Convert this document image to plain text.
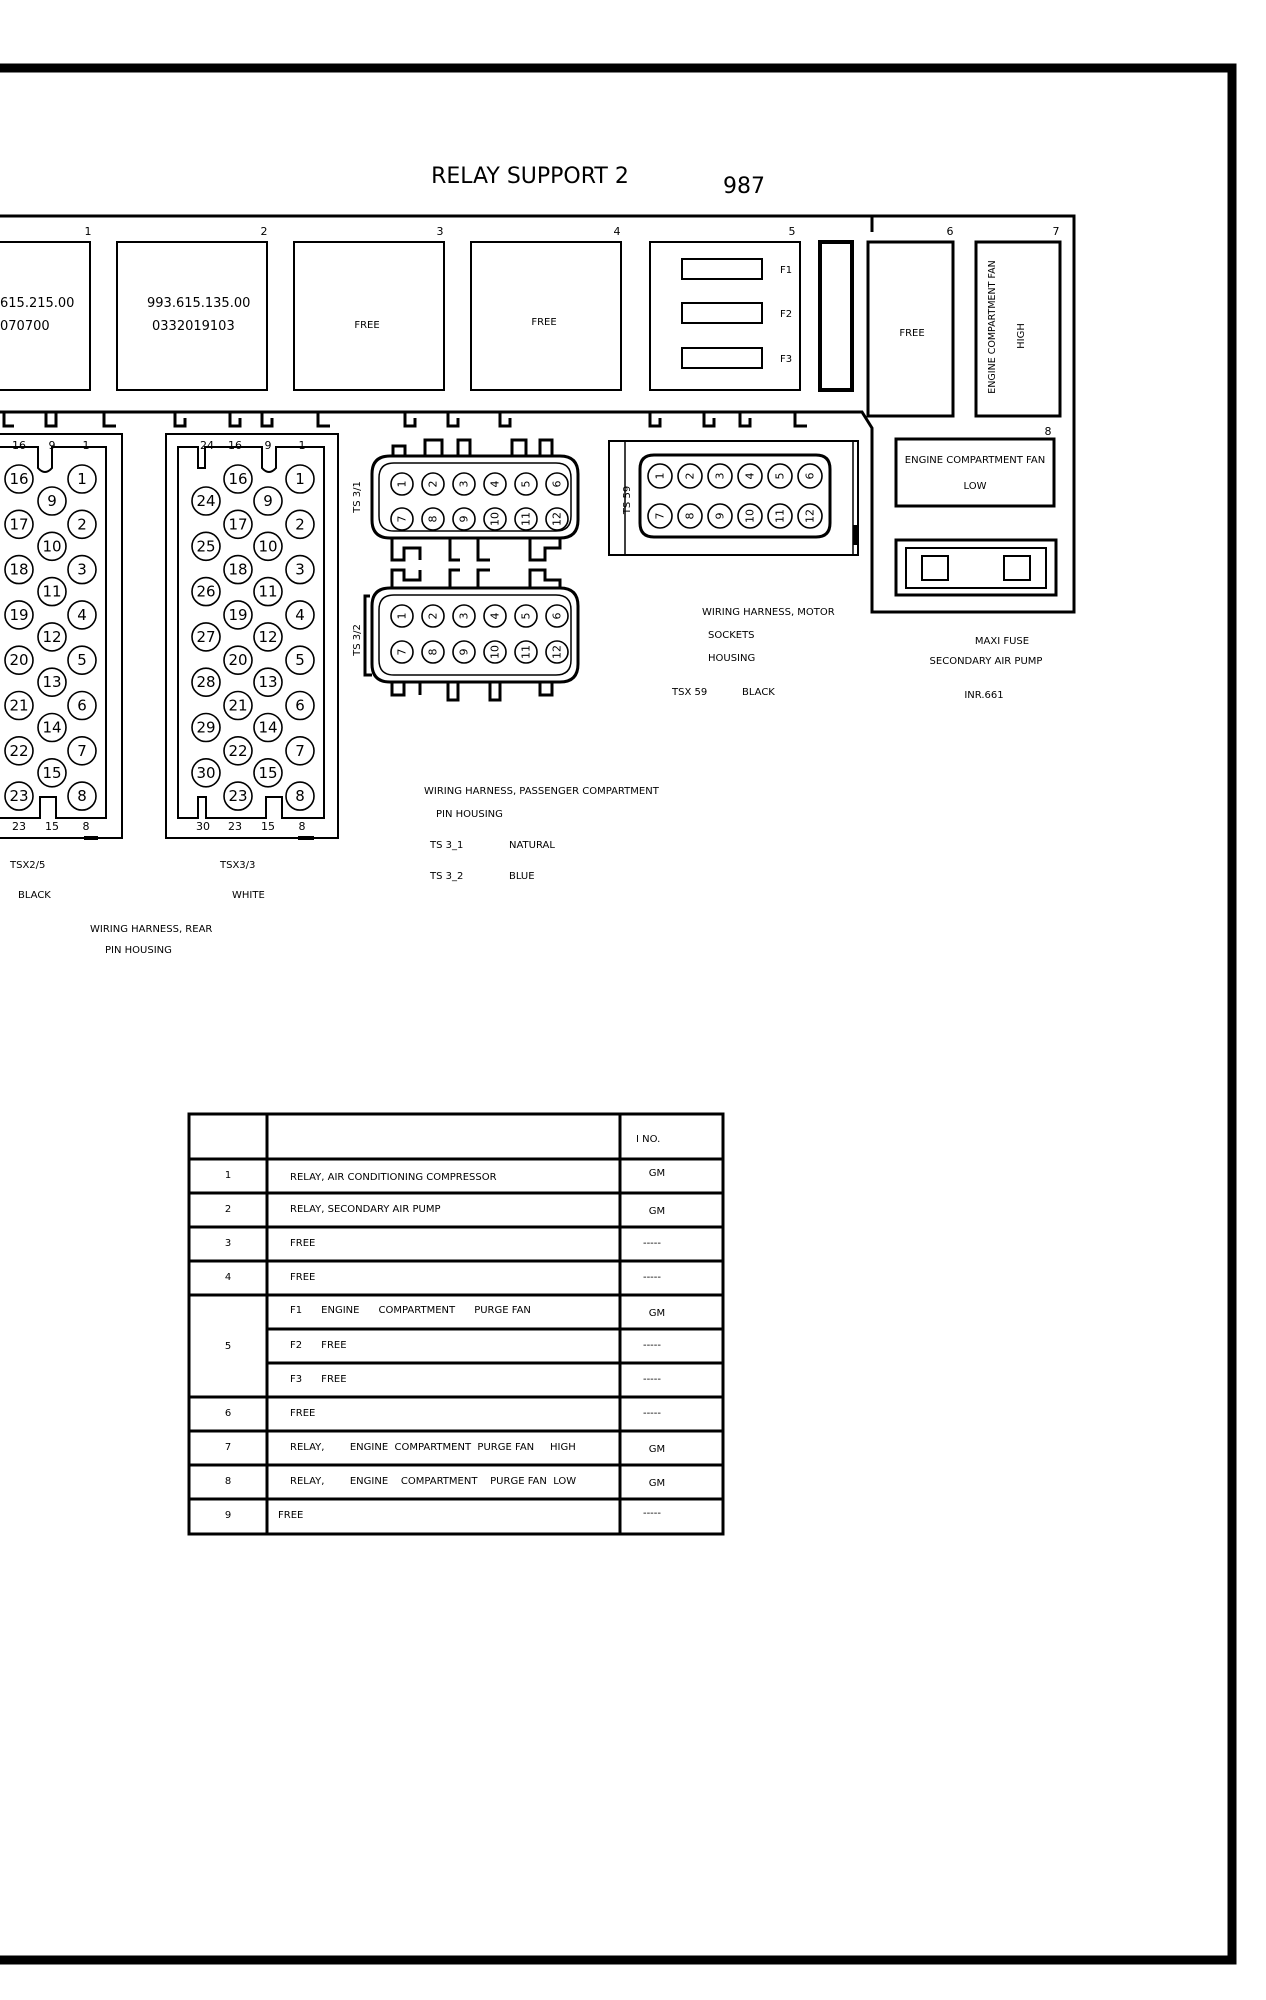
RELAY SUPPORT 2	987
1	2	3	4	5	6	7
8
615.215.00
070700
993.615.135.00
0332019103	FREE	FREE
FREE	ENGINE COMPARTMENT FAN HIGH
ENGINE COMPARTMENT FAN
LOW
F1
F2
F3
16 9 1
23 15 8
16
17
18
19
20
21
22
23
9
10
11
12
13
14
15
1
2
3
4
5
6
7
8
TSX2/5
BLACK
24 16 9 1
30 23 15 8
24
25
26
27
28
29
30
16
17
18
19
20
21
22
23
9
10
11
12
13
14
15
1
2
3
4
5
6
7
8
TSX3/3
WHITE
WIRING HARNESS, REAR
PIN HOUSING
TS 3/1	1 2 3 4 5 6
7 8 9 10 11 12
TS 3/2
1 2 3 4 5 6
7 8 9 10 11 12
TS 59
1 2 3 4 5 6
7 8 9 10 11 12
WIRING HARNESS, MOTOR
SOCKETS
HOUSING
TSX 59	BLACK
MAXI FUSE
SECONDARY AIR PUMP
INR.661
WIRING HARNESS, PASSENGER COMPARTMENT
PIN HOUSING
TS 3_1	NATURAL
TS 3_2	BLUE
I NO.
1	RELAY, AIR CONDITIONING COMPRESSOR	GM
2	RELAY, SECONDARY AIR PUMP	GM
3	FREE	-----
4	FREE	-----
5
F1      ENGINE      COMPARTMENT      PURGE FAN	GM
F2      FREE	-----
F3      FREE	-----
6	FREE	-----
7	RELAY,        ENGINE  COMPARTMENT  PURGE FAN     HIGH	GM
8	RELAY,        ENGINE    COMPARTMENT    PURGE FAN  LOW	GM
9	FREE	-----
